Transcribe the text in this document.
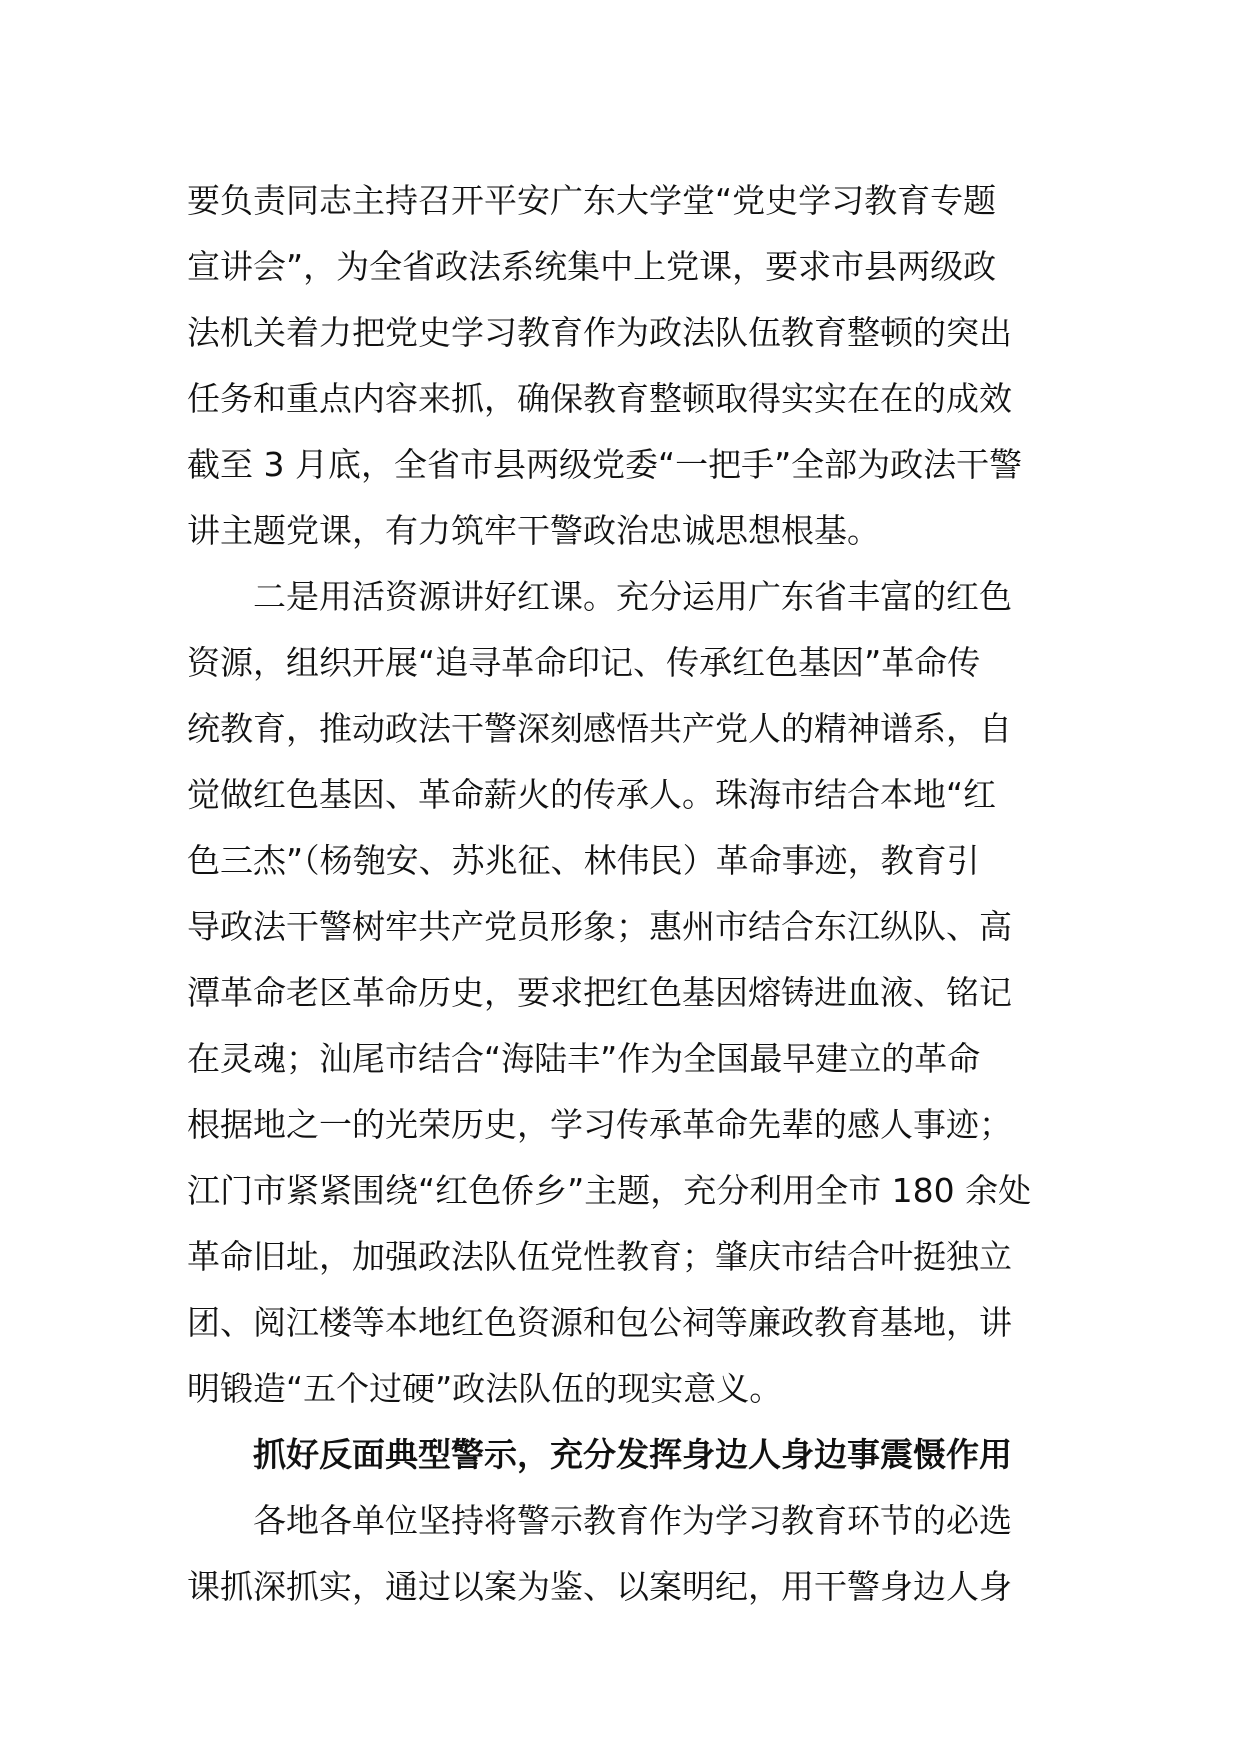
要负责同志主持召开平安广东大学堂“党史学习教育专题
宣讲会”，为全省政法系统集中上党课，要求市县两级政
法机关着力把党史学习教育作为政法队伍教育整顿的突出
任务和重点内容来抓，确保教育整顿取得实实在在的成效
截至 3 月底，全省市县两级党委“一把手”全部为政法干警
讲主题党课，有力筑牢干警政治忠诚思想根基。
二是用活资源讲好红课。充分运用广东省丰富的红色
资源，组织开展“追寻革命印记、传承红色基因”革命传
统教育，推动政法干警深刻感悟共产党人的精神谱系，自
觉做红色基因、革命薪火的传承人。珠海市结合本地“红
色三杰”（杨匏安、苏兆征、林伟民）革命事迹，教育引
导政法干警树牢共产党员形象；惠州市结合东江纵队、高
潭革命老区革命历史，要求把红色基因熔铸进血液、铭记
在灵魂；汕尾市结合“海陆丰”作为全国最早建立的革命
根据地之一的光荣历史，学习传承革命先辈的感人事迹；
江门市紧紧围绕“红色侨乡”主题，充分利用全市 180 余处
革命旧址，加强政法队伍党性教育；肇庆市结合叶挺独立
团、阅江楼等本地红色资源和包公祠等廉政教育基地，讲
明锻造“五个过硬”政法队伍的现实意义。
抓好反面典型警示，充分发挥身边人身边事震慑作用
各地各单位坚持将警示教育作为学习教育环节的必选
课抓深抓实，通过以案为鉴、以案明纪，用干警身边人身
